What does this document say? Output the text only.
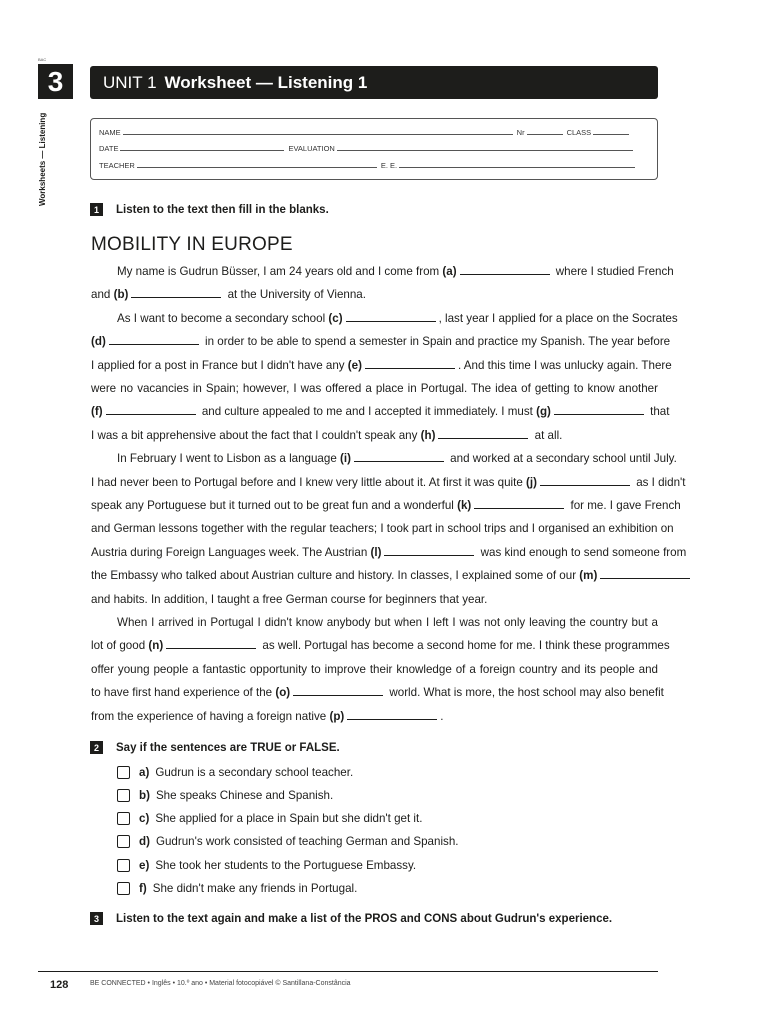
BAC
3
Worksheets — Listening
UNIT 1 Worksheet — Listening 1
NAME	Nr	CLASS
DATE	EVALUATION
TEACHER	E. E.
1	Listen to the text then fill in the blanks.
MOBILITY IN EUROPE
My name is Gudrun Büsser, I am 24 years old and I come from (a)	where I studied French
and (b)	at the University of Vienna.
As I want to become a secondary school (c)	, last year I applied for a place on the Socrates
(d)	in order to be able to spend a semester in Spain and practice my Spanish. The year before
I applied for a post in France but I didn't have any (e)	. And this time I was unlucky again. There
were no vacancies in Spain; however, I was offered a place in Portugal. The idea of getting to know another
(f)	and culture appealed to me and I accepted it immediately. I must (g)	that
I was a bit apprehensive about the fact that I couldn't speak any (h)	at all.
In February I went to Lisbon as a language (i)	and worked at a secondary school until July.
I had never been to Portugal before and I knew very little about it. At first it was quite (j)	as I didn't
speak any Portuguese but it turned out to be great fun and a wonderful (k)	for me. I gave French
and German lessons together with the regular teachers; I took part in school trips and I organised an exhibition on
Austria during Foreign Languages week. The Austrian (l)	was kind enough to send someone from
the Embassy who talked about Austrian culture and history. In classes, I explained some of our (m)
and habits. In addition, I taught a free German course for beginners that year.
When I arrived in Portugal I didn't know anybody but when I left I was not only leaving the country but a
lot of good (n)	as well. Portugal has become a second home for me. I think these programmes
offer young people a fantastic opportunity to improve their knowledge of a foreign country and its people and
to have first hand experience of the (o)	world. What is more, the host school may also benefit
from the experience of having a foreign native (p)	.
2	Say if the sentences are TRUE or FALSE.
a) Gudrun is a secondary school teacher.
b) She speaks Chinese and Spanish.
c) She applied for a place in Spain but she didn't get it.
d) Gudrun's work consisted of teaching German and Spanish.
e) She took her students to the Portuguese Embassy.
f) She didn't make any friends in Portugal.
3	Listen to the text again and make a list of the PROS and CONS about Gudrun's experience.
128	BE CONNECTED • Inglês • 10.º ano • Material fotocopiável © Santillana-Constância
